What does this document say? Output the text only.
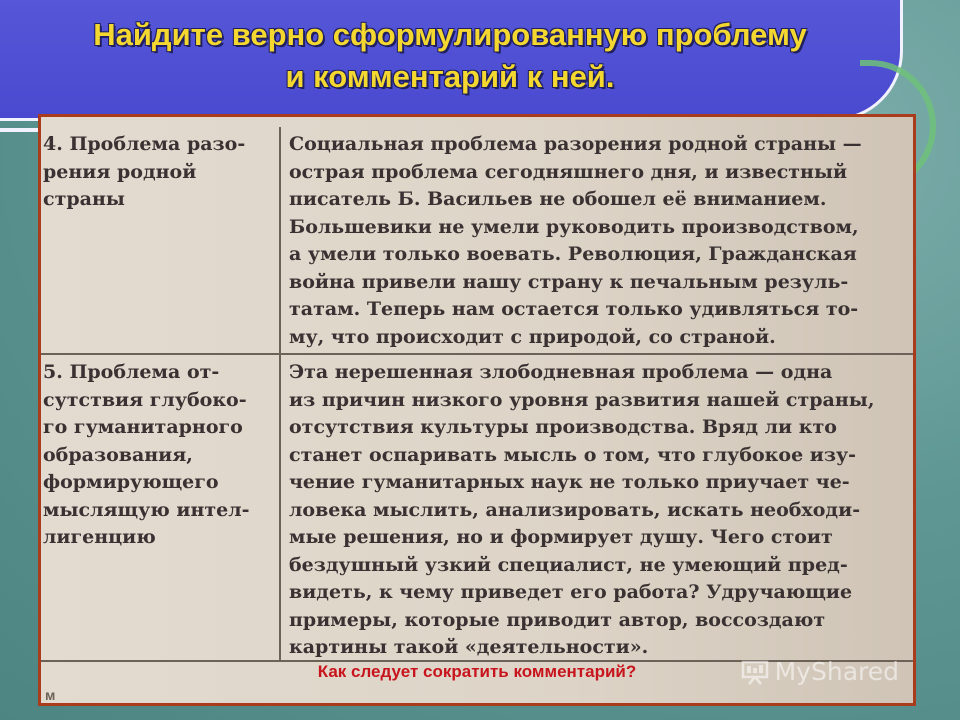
Найдите верно сформулированную проблему
и комментарий к ней.
4. Проблема разо-
рения родной
страны
Социальная проблема разорения родной страны —
острая проблема сегодняшнего дня, и известный
писатель Б. Васильев не обошел её вниманием.
Большевики не умели руководить производством,
а умели только воевать. Революция, Гражданская
война привели нашу страну к печальным резуль-
татам. Теперь нам остается только удивляться то-
му, что происходит с природой, со страной.
5. Проблема от-
сутствия глубоко-
го гуманитарного
образования,
формирующего
мыслящую интел-
лигенцию
Эта нерешенная злободневная проблема — одна
из причин низкого уровня развития нашей страны,
отсутствия культуры производства. Вряд ли кто
станет оспаривать мысль о том, что глубокое изу-
чение гуманитарных наук не только приучает че-
ловека мыслить, анализировать, искать необходи-
мые решения, но и формирует душу. Чего стоит
бездушный узкий специалист, не умеющий пред-
видеть, к чему приведет его работа? Удручающие
примеры, которые приводит автор, воссоздают
картины такой «деятельности».
Как следует сократить комментарий?
м
MyShared
